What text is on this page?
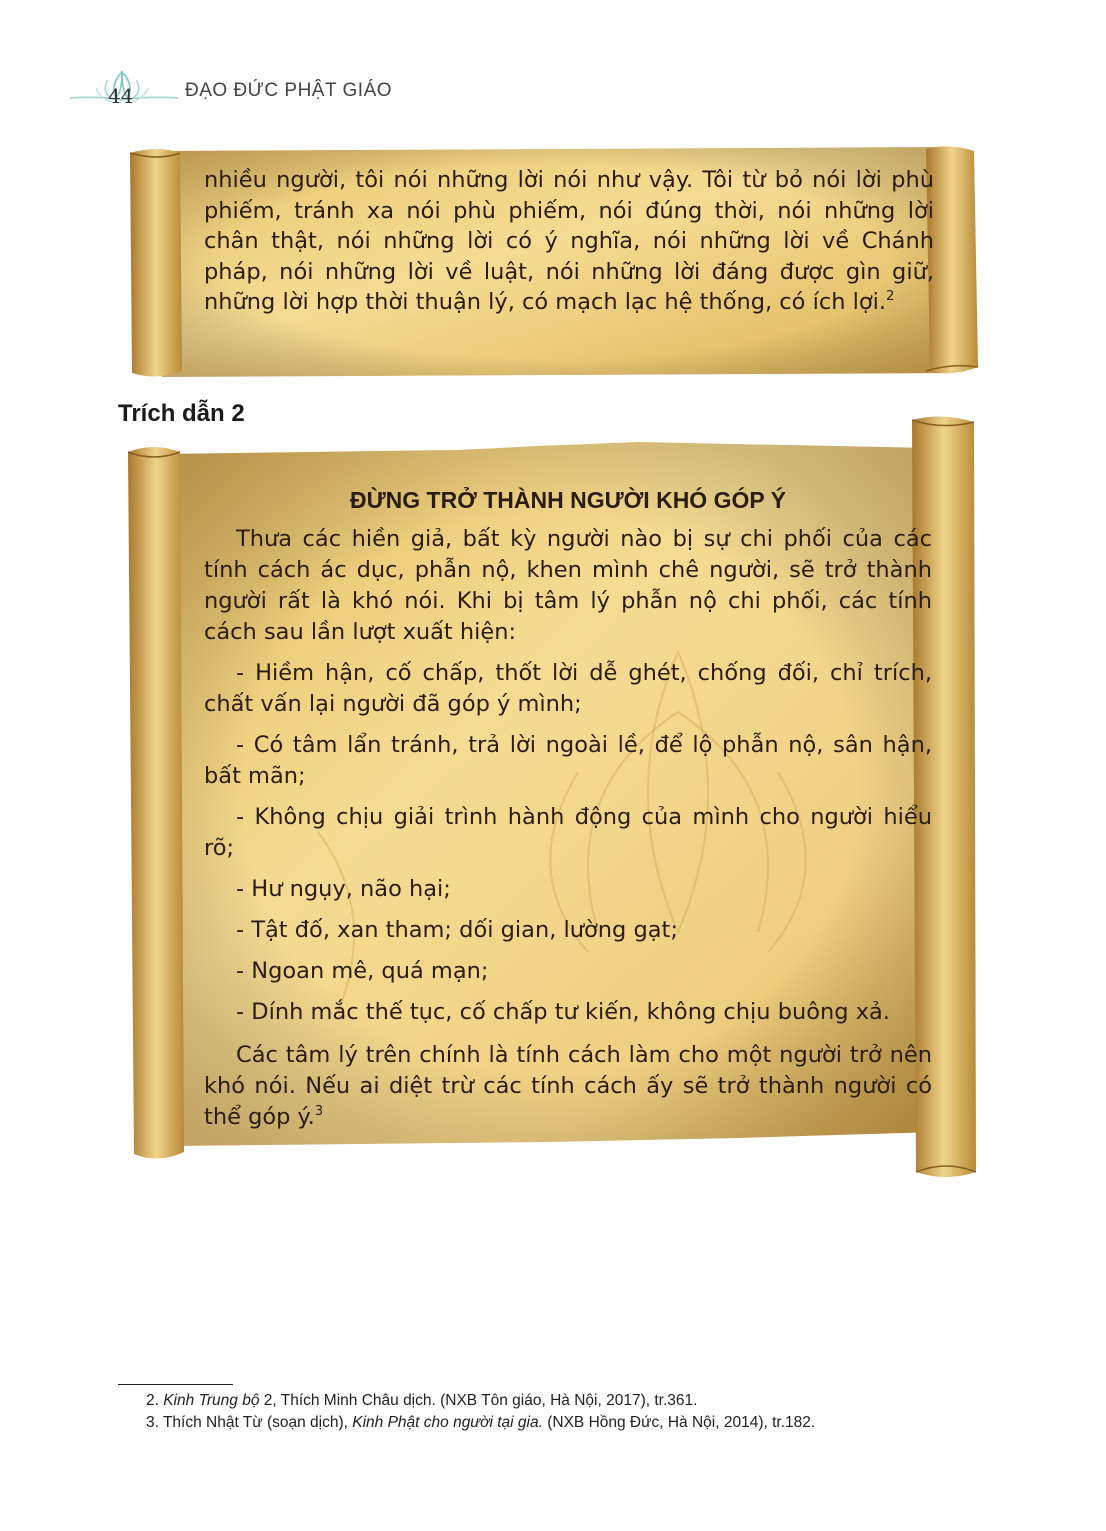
44	ĐẠO ĐỨC PHẬT GIÁO

nhiều người, tôi nói những lời nói như vậy. Tôi từ bỏ nói lời phù phiếm, tránh xa nói phù phiếm, nói đúng thời, nói những lời chân thật, nói những lời có ý nghĩa, nói những lời về Chánh pháp, nói những lời về luật, nói những lời đáng được gìn giữ, những lời hợp thời thuận lý, có mạch lạc hệ thống, có ích lợi.$^2$

Trích dẫn 2

ĐỪNG TRỞ THÀNH NGƯỜI KHÓ GÓP Ý

Thưa các hiền giả, bất kỳ người nào bị sự chi phối của các tính cách ác dục, phẫn nộ, khen mình chê người, sẽ trở thành người rất là khó nói. Khi bị tâm lý phẫn nộ chi phối, các tính cách sau lần lượt xuất hiện:

- Hiềm hận, cố chấp, thốt lời dễ ghét, chống đối, chỉ trích, chất vấn lại người đã góp ý mình;

- Có tâm lẩn tránh, trả lời ngoài lề, để lộ phẫn nộ, sân hận, bất mãn;

- Không chịu giải trình hành động của mình cho người hiểu rõ;

- Hư ngụy, não hại;

- Tật đố, xan tham; dối gian, lường gạt;

- Ngoan mê, quá mạn;

- Dính mắc thế tục, cố chấp tư kiến, không chịu buông xả.

Các tâm lý trên chính là tính cách làm cho một người trở nên khó nói. Nếu ai diệt trừ các tính cách ấy sẽ trở thành người có thể góp ý.$^3$

2. Kinh Trung bộ 2, Thích Minh Châu dịch. (NXB Tôn giáo, Hà Nội, 2017), tr.361.

3. Thích Nhật Từ (soạn dịch), Kinh Phật cho người tại gia. (NXB Hồng Đức, Hà Nội, 2014), tr.182.
